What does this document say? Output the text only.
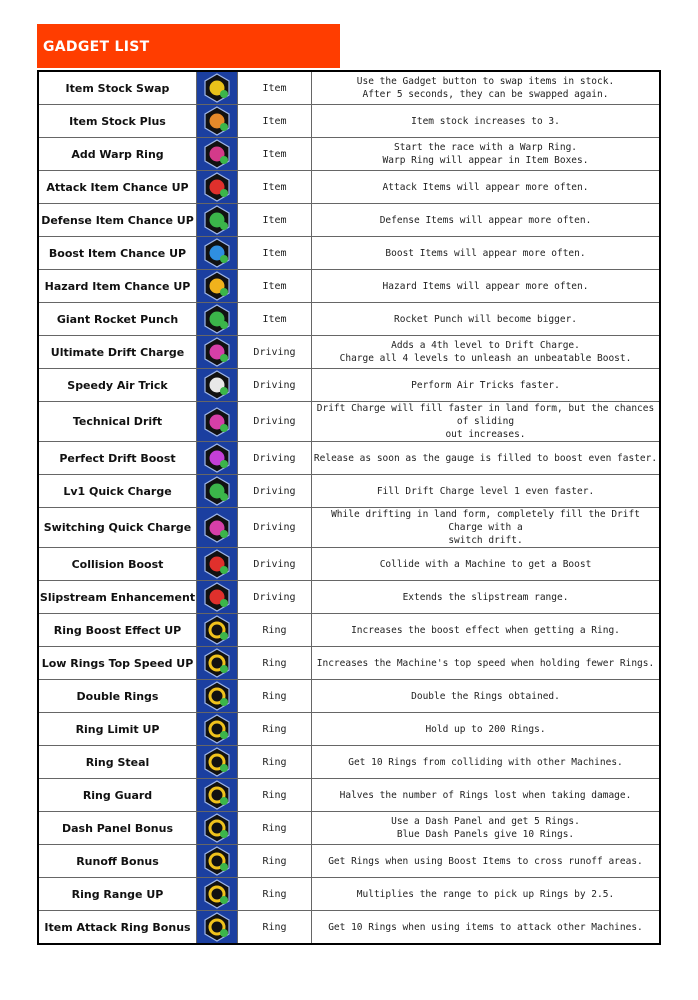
GADGET LIST
Item Stock Swap		Item	Use the Gadget button to swap items in stock.
After 5 seconds, they can be swapped again.

Item Stock Plus		Item	Item stock increases to 3.

Add Warp Ring		Item	Start the race with a Warp Ring.
Warp Ring will appear in Item Boxes.

Attack Item Chance UP		Item	Attack Items will appear more often.

Defense Item Chance UP		Item	Defense Items will appear more often.

Boost Item Chance UP		Item	Boost Items will appear more often.

Hazard Item Chance UP		Item	Hazard Items will appear more often.

Giant Rocket Punch		Item	Rocket Punch will become bigger.

Ultimate Drift Charge		Driving	Adds a 4th level to Drift Charge.
Charge all 4 levels to unleash an unbeatable Boost.

Speedy Air Trick		Driving	Perform Air Tricks faster.

Technical Drift		Driving	Drift Charge will fill faster in land form, but the chances of sliding
out increases.

Perfect Drift Boost		Driving	Release as soon as the gauge is filled to boost even faster.

Lv1 Quick Charge		Driving	Fill Drift Charge level 1 even faster.

Switching Quick Charge		Driving	While drifting in land form, completely fill the Drift Charge with a
switch drift.

Collision Boost		Driving	Collide with a Machine to get a Boost

Slipstream Enhancement		Driving	Extends the slipstream range.

Ring Boost Effect UP		Ring	Increases the boost effect when getting a Ring.

Low Rings Top Speed UP		Ring	Increases the Machine's top speed when holding fewer Rings.

Double Rings		Ring	Double the Rings obtained.

Ring Limit UP		Ring	Hold up to 200 Rings.

Ring Steal		Ring	Get 10 Rings from colliding with other Machines.

Ring Guard		Ring	Halves the number of Rings lost when taking damage.

Dash Panel Bonus		Ring	Use a Dash Panel and get 5 Rings.
Blue Dash Panels give 10 Rings.

Runoff Bonus		Ring	Get Rings when using Boost Items to cross runoff areas.

Ring Range UP		Ring	Multiplies the range to pick up Rings by 2.5.

Item Attack Ring Bonus		Ring	Get 10 Rings when using items to attack other Machines.
